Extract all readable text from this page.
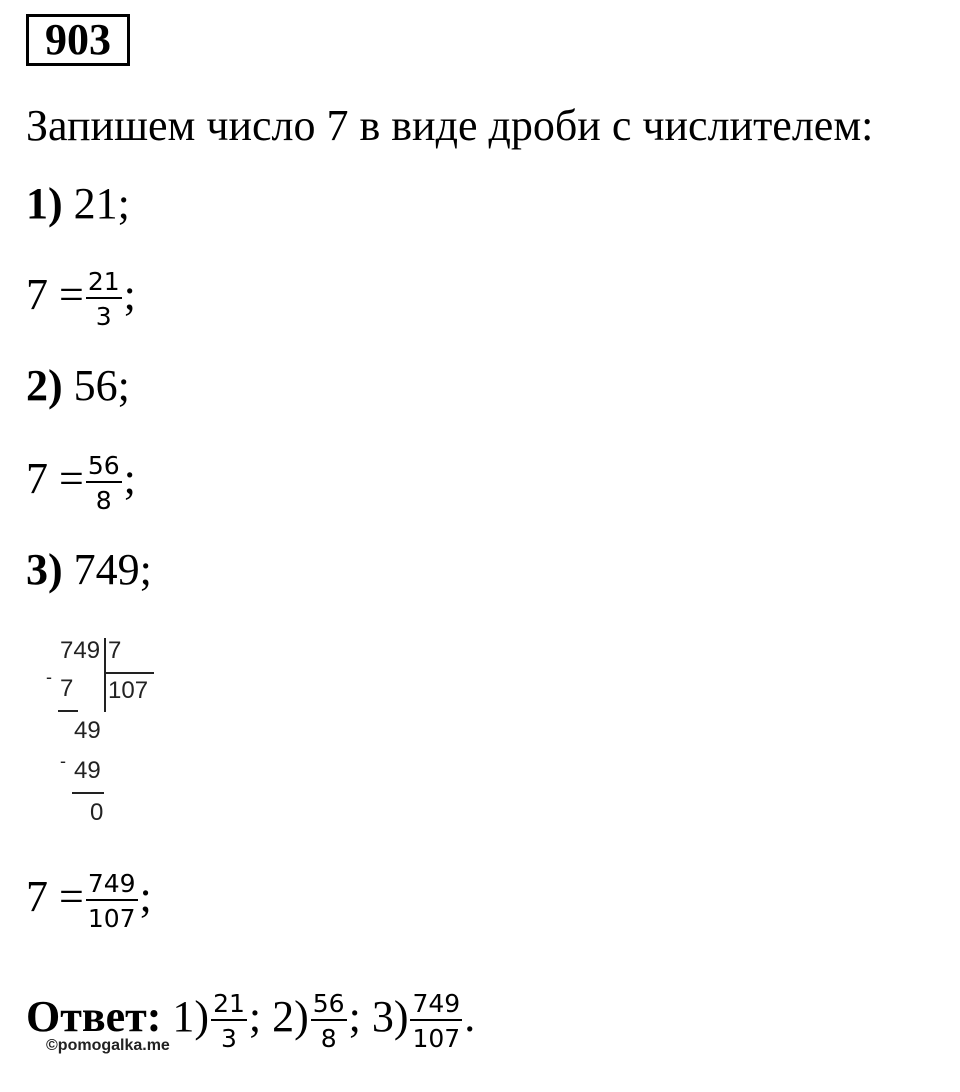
903
Запишем число 7 в виде дроби с числителем:
1) 21;
$7 = \frac{21}{3}$ ;
2) 56;
$7 = \frac{56}{8}$ ;
3) 749;
749 7
107
- 7
49
- 49
0
$7 = \frac{749}{107}$ ;
Ответ: $1) \frac{21}{3}$ ; $2) \frac{56}{8}$ ; $3) \frac{749}{107}$ .
©pomogalka.me
